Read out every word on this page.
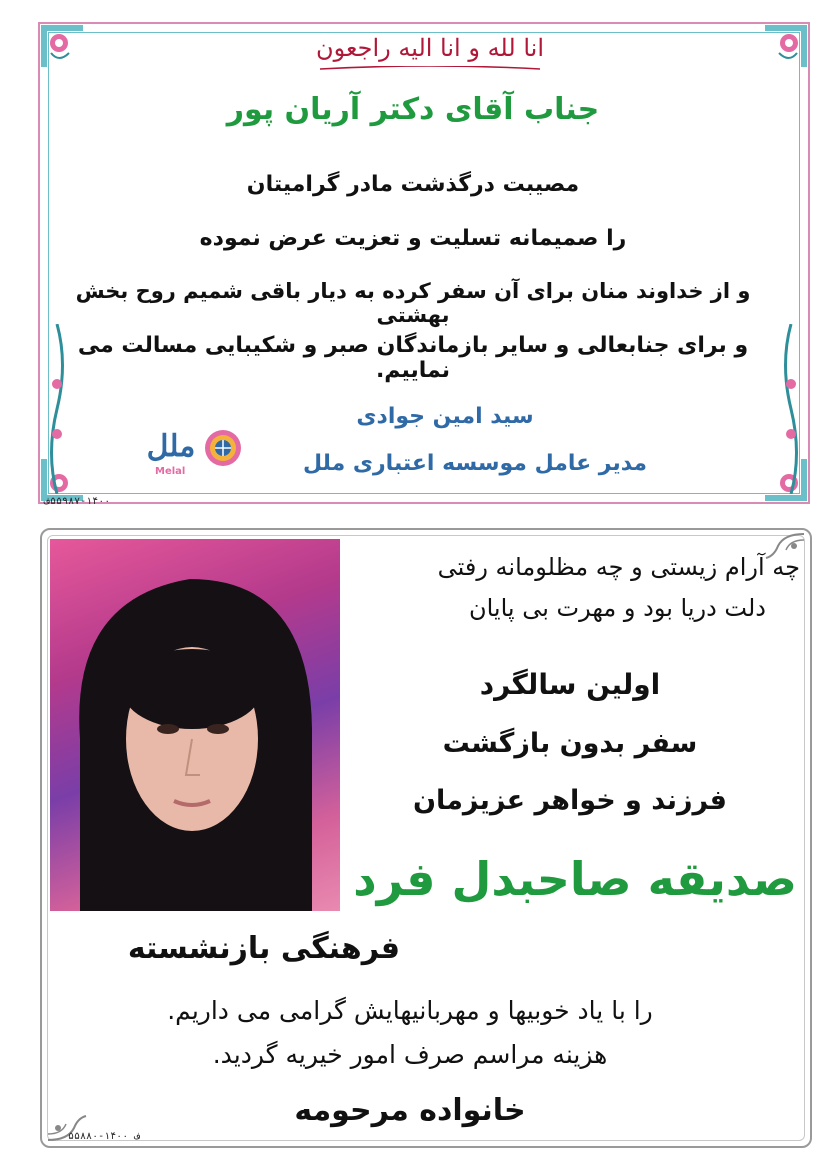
انا لله و انا الیه راجعون
جناب آقای دکتر آریان پور
مصیبت درگذشت مادر گرامیتان
را صمیمانه تسلیت و تعزیت عرض نموده
و از خداوند منان برای آن سفر کرده به دیار باقی شمیم روح بخش بهشتی
و برای جنابعالی و سایر بازماندگان صبر و شکیبایی مسالت می نماییم.
سید امین جوادی
مدیر عامل موسسه اعتباری ملل
ملل
Melal
۵۵۹۸۷-۱۴۰۰ف
چه آرام زیستی و چه مظلومانه رفتی
دلت دریا بود و مهرت بی پایان
اولین سالگرد
سفر بدون بازگشت
فرزند و خواهر عزیزمان
صدیقه صاحبدل فرد
فرهنگی بازنشسته
را با یاد خوبیها و مهربانیهایش گرامی می داریم.
هزینه مراسم صرف امور خیریه گردید.
خانواده مرحومه
ف ۱۴۰۰-۵۵۸۸۰
